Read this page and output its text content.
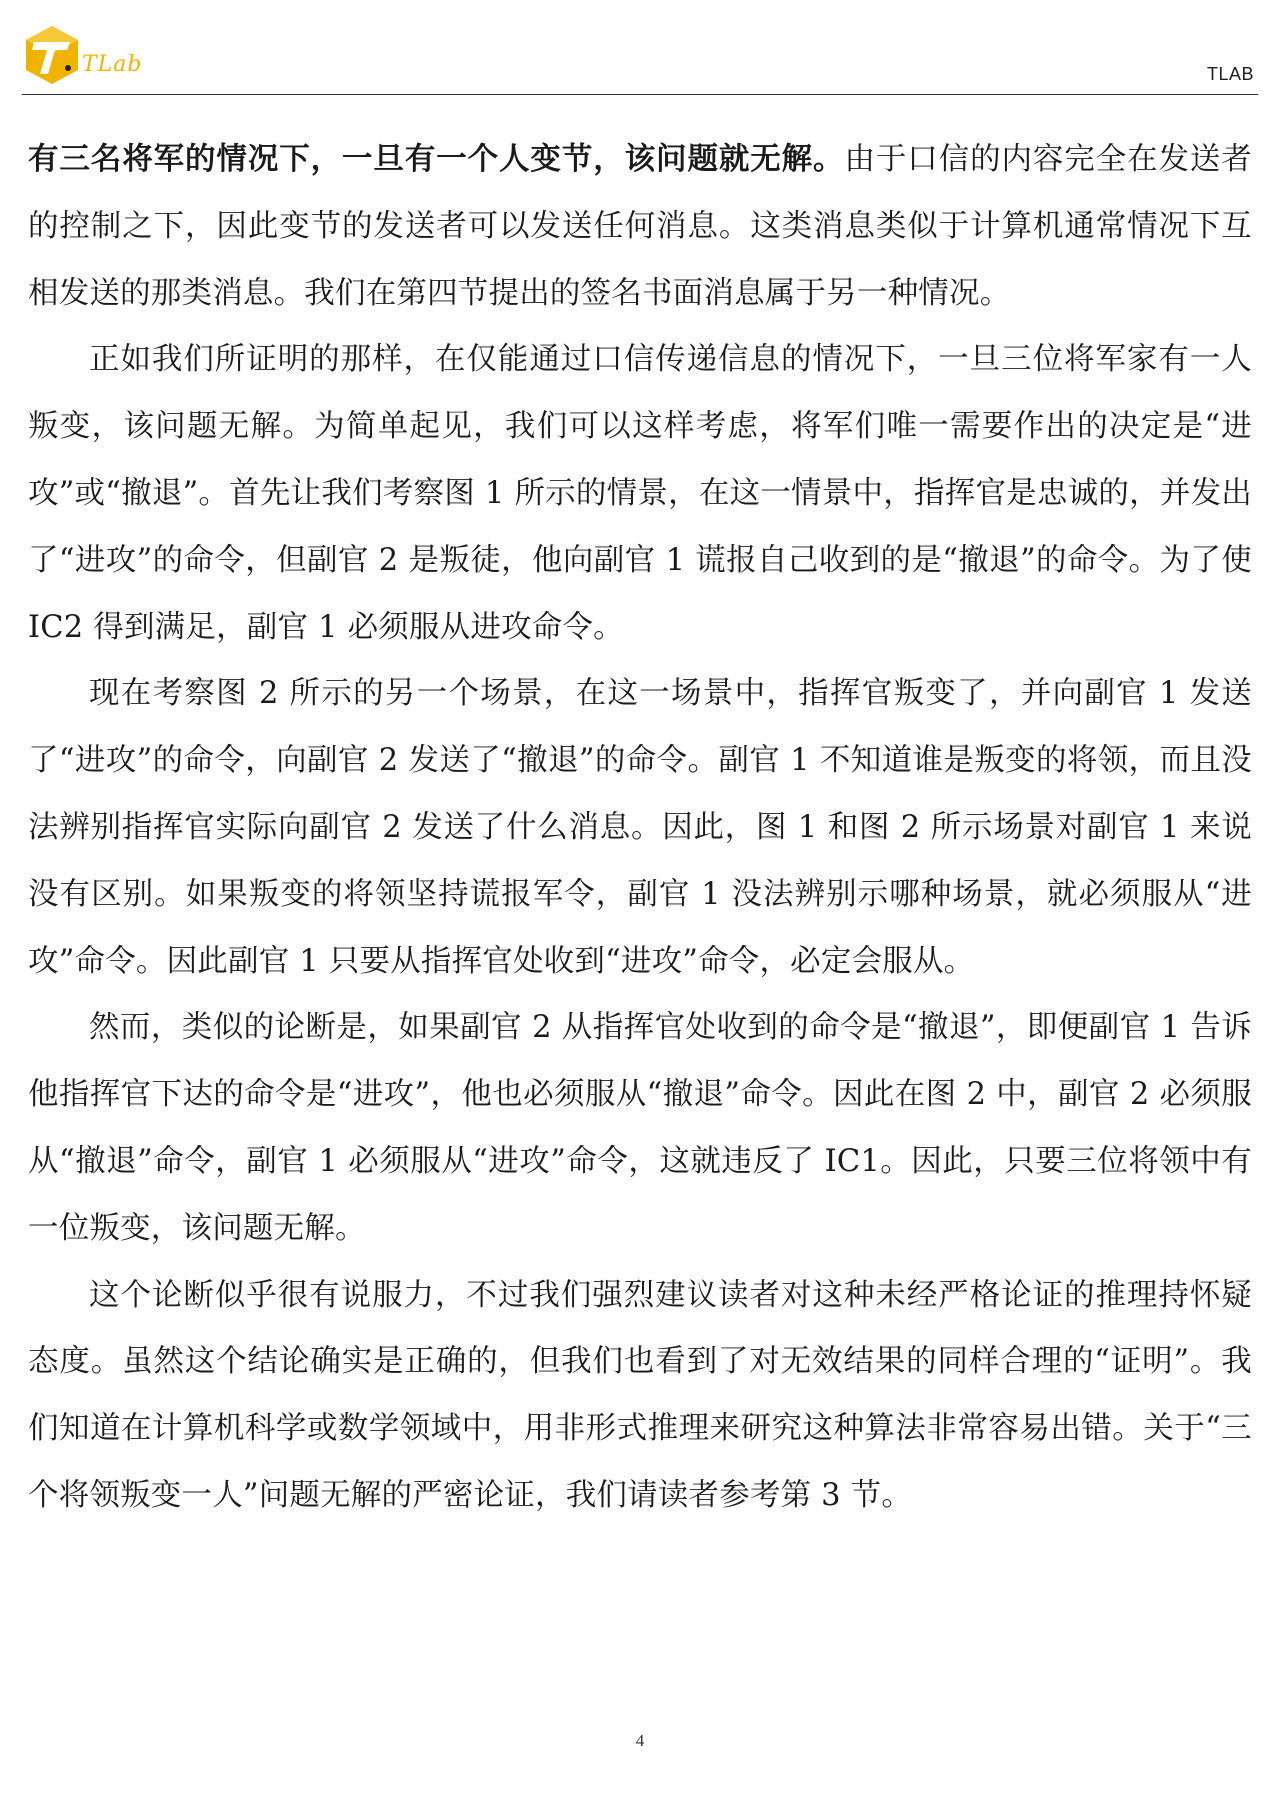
TLab	TLAB

有三名将军的情况下，一旦有一个人变节，该问题就无解。由于口信的内容完全在发送者的控制之下，因此变节的发送者可以发送任何消息。这类消息类似于计算机通常情况下互相发送的那类消息。我们在第四节提出的签名书面消息属于另一种情况。

正如我们所证明的那样，在仅能通过口信传递信息的情况下，一旦三位将军家有一人叛变，该问题无解。为简单起见，我们可以这样考虑，将军们唯一需要作出的决定是“进攻”或“撤退”。首先让我们考察图 1 所示的情景，在这一情景中，指挥官是忠诚的，并发出了“进攻”的命令，但副官 2 是叛徒，他向副官 1 谎报自己收到的是“撤退”的命令。为了使 IC2 得到满足，副官 1 必须服从进攻命令。

现在考察图 2 所示的另一个场景，在这一场景中，指挥官叛变了，并向副官 1 发送了“进攻”的命令，向副官 2 发送了“撤退”的命令。副官 1 不知道谁是叛变的将领，而且没法辨别指挥官实际向副官 2 发送了什么消息。因此，图 1 和图 2 所示场景对副官 1 来说没有区别。如果叛变的将领坚持谎报军令，副官 1 没法辨别示哪种场景，就必须服从“进攻”命令。因此副官 1 只要从指挥官处收到“进攻”命令，必定会服从。

然而，类似的论断是，如果副官 2 从指挥官处收到的命令是“撤退”，即便副官 1 告诉他指挥官下达的命令是“进攻”，他也必须服从“撤退”命令。因此在图 2 中，副官 2 必须服从“撤退”命令，副官 1 必须服从“进攻”命令，这就违反了 IC1。因此，只要三位将领中有一位叛变，该问题无解。

这个论断似乎很有说服力，不过我们强烈建议读者对这种未经严格论证的推理持怀疑态度。虽然这个结论确实是正确的，但我们也看到了对无效结果的同样合理的“证明”。我们知道在计算机科学或数学领域中，用非形式推理来研究这种算法非常容易出错。关于“三个将领叛变一人”问题无解的严密论证，我们请读者参考第 3 节。

4
